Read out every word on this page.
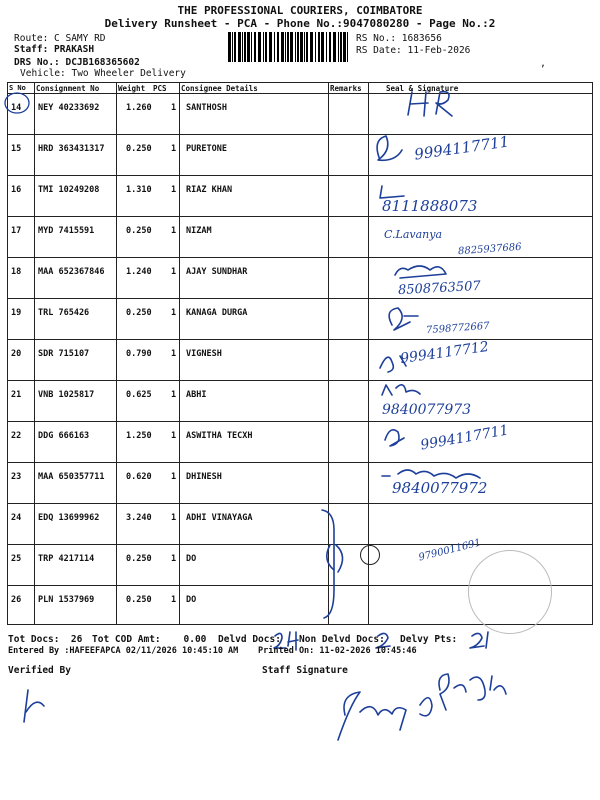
THE PROFESSIONAL COURIERS, COIMBATORE
Delivery Runsheet - PCA - Phone No.:9047080280 - Page No.:2
Route: C SAMY RD
Staff: PRAKASH
DRS No.: DCJB168365602
Vehicle: Two Wheeler Delivery
RS No.: 1683656
RS Date: 11-Feb-2026
,
S No Consignment No	Weight PCS Consignee Details	Remarks	Seal & Signature
14 NEY 40233692	1.260 1 SANTHOSH
15 HRD 363431317	0.250 1 PURETONE
16 TMI 10249208	1.310 1 RIAZ KHAN
17 MYD 7415591	0.250 1 NIZAM
18 MAA 652367846	1.240 1 AJAY SUNDHAR
19 TRL 765426	0.250 1 KANAGA DURGA
20 SDR 715107	0.790 1 VIGNESH
21 VNB 1025817	0.625 1 ABHI
22 DDG 666163	1.250 1 ASWITHA TECXH
23 MAA 650357711	0.620 1 DHINESH
24 EDQ 13699962	3.240 1 ADHI VINAYAGA
25 TRP 4217114	0.250 1 DO
26 PLN 1537969	0.250 1 DO
9994117711
8111888073
C.Lavanya
8825937686
8508763507
7598772667
9994117712
9840077973
9994117711
9840077972
9790011691
Tot Docs:  26 Tot COD Amt:    0.00 Delvd Docs: Non Delvd Docs: Delvy Pts:
Entered By :HAFEEFAPCA 02/11/2026 10:45:10 AM Printed On: 11-02-2026 10:45:46
Verified By	Staff Signature
